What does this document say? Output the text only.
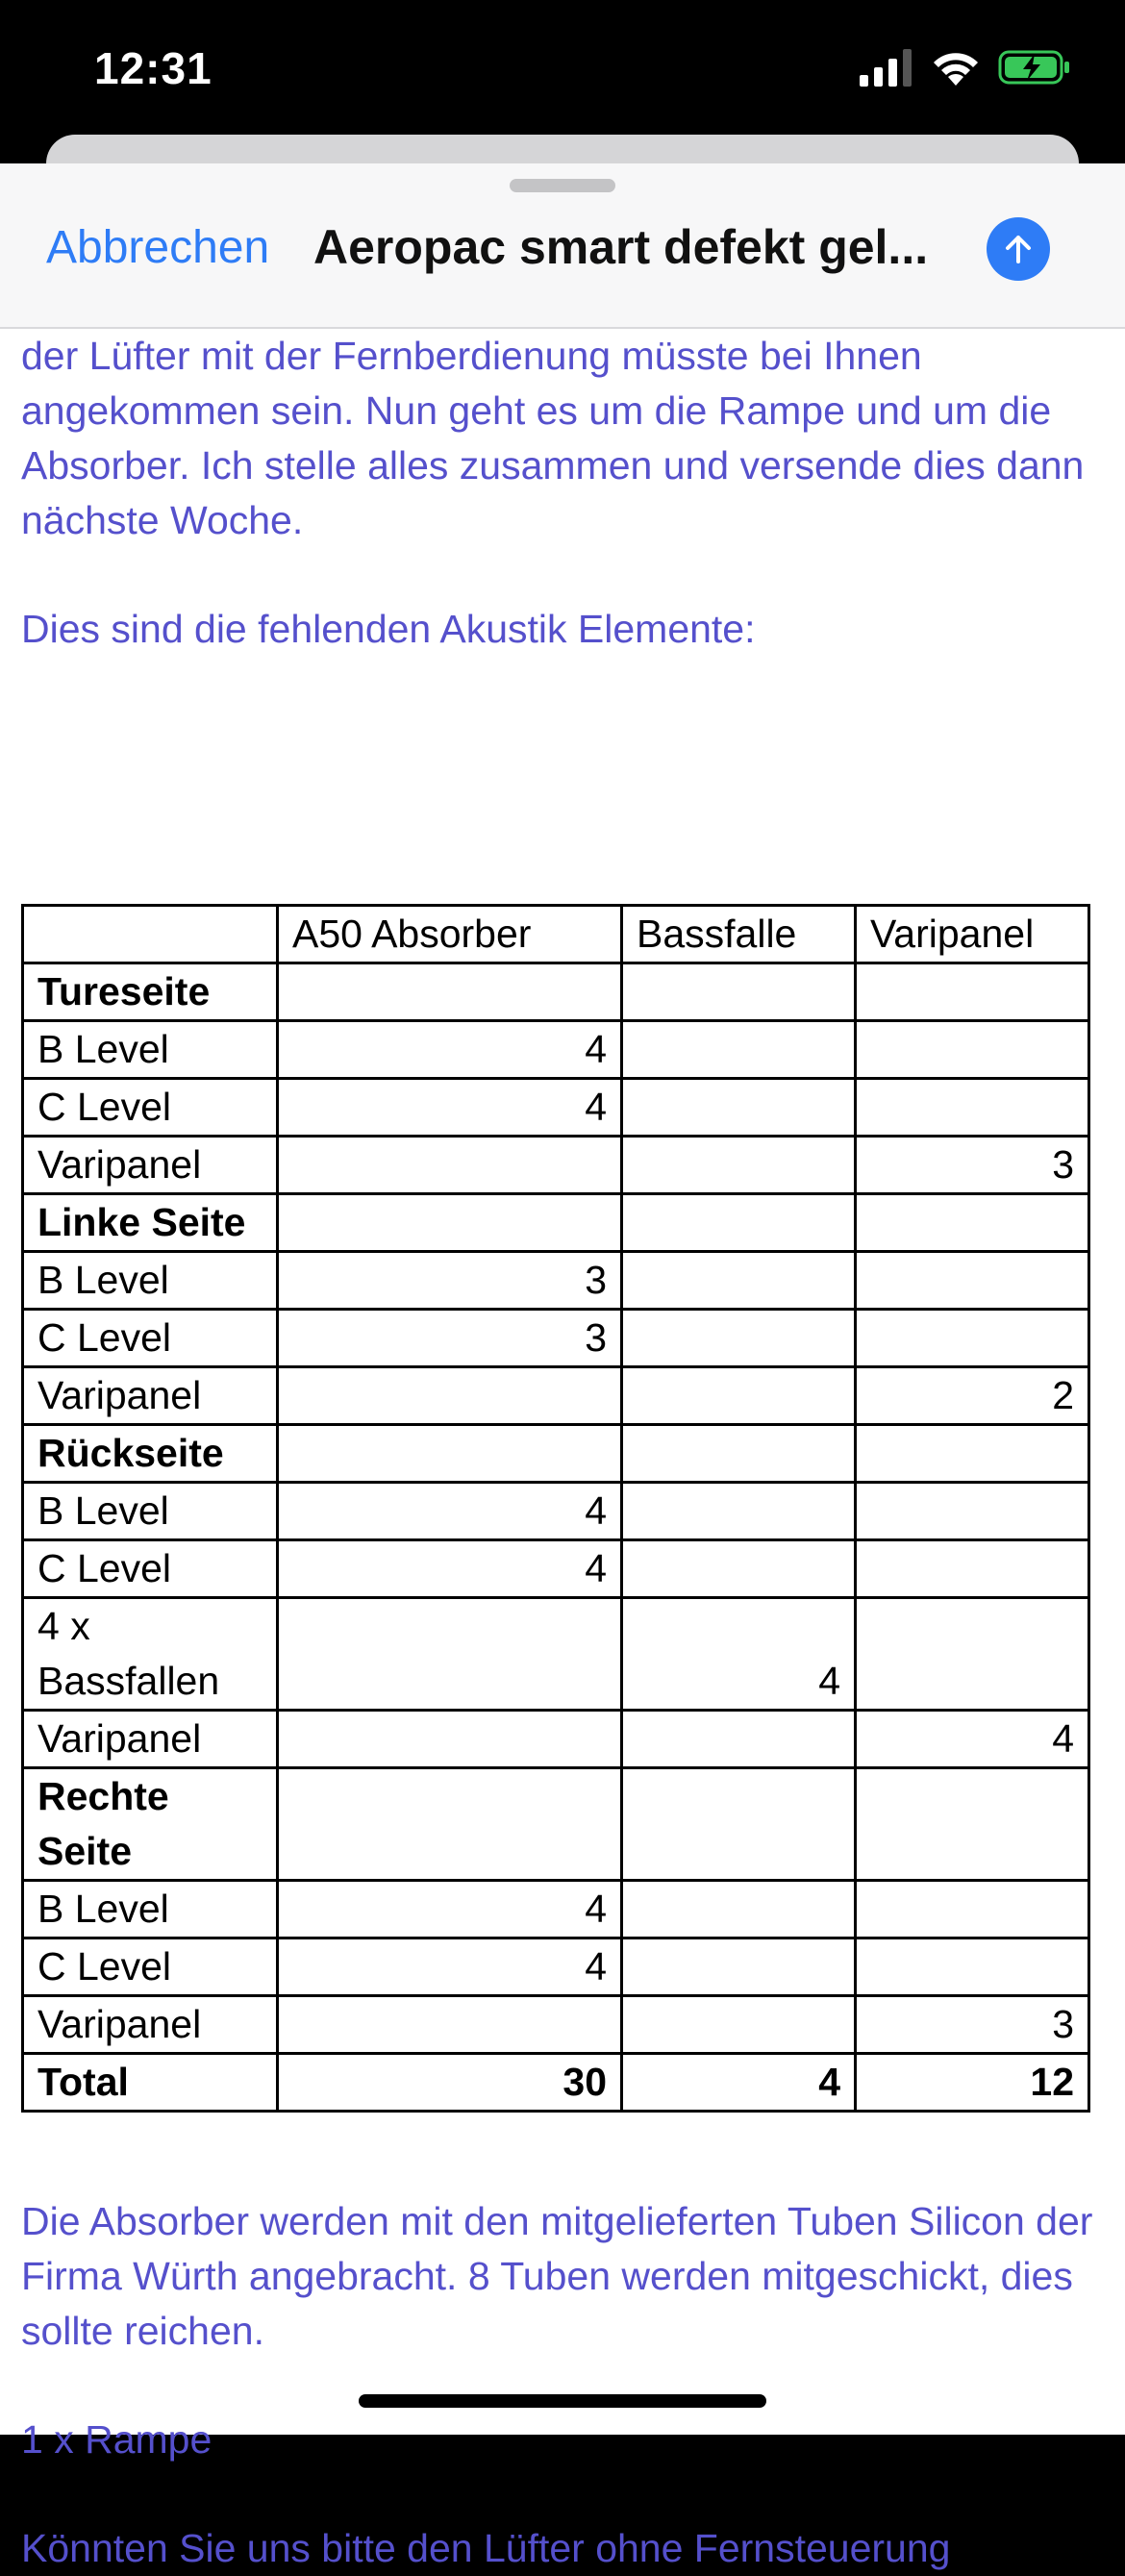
12:31
Abbrechen Aeropac smart defekt gel...

der Lüfter mit der Fernberdienung müsste bei Ihnen angekommen sein. Nun geht es um die Rampe und um die Absorber. Ich stelle alles zusammen und versende dies dann nächste Woche.

Dies sind die fehlenden Akustik Elemente:

	A50 Absorber	Bassfalle	Varipanel
Tureseite			
B Level	4		
C Level	4		
Varipanel			3
Linke Seite			
B Level	3		
C Level	3		
Varipanel			2
Rückseite			
B Level	4		
C Level	4		
4 x Bassfallen		4	
Varipanel			4
Rechte Seite			
B Level	4		
C Level	4		
Varipanel			3
Total	30	4	12

Die Absorber werden mit den mitgelieferten Tuben Silicon der Firma Würth angebracht. 8 Tuben werden mitgeschickt, dies sollte reichen.

1 x Rampe

Könnten Sie uns bitte den Lüfter ohne Fernsteuerung
